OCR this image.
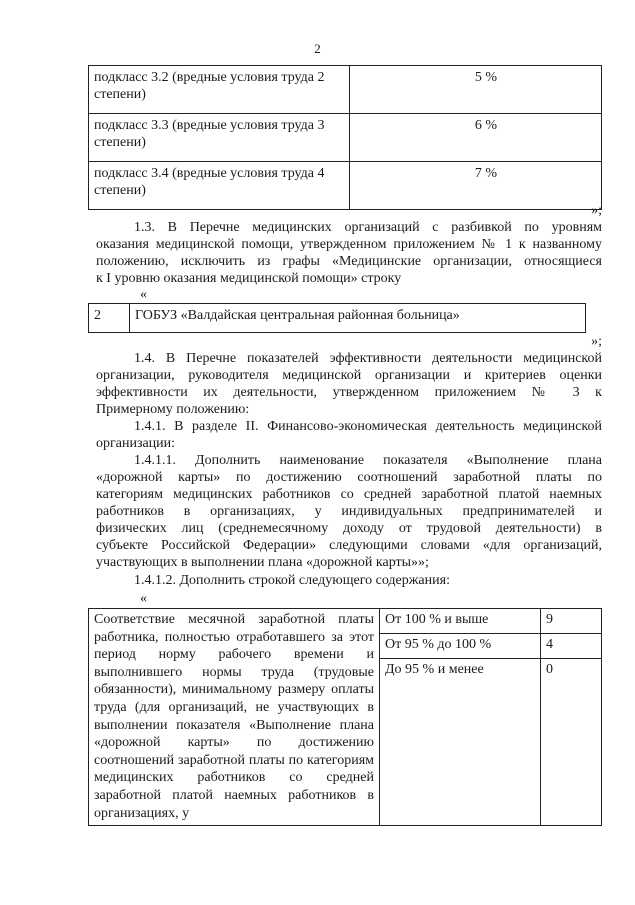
2
подкласс 3.2 (вредные условия труда 2 степени)	5 %
подкласс 3.3 (вредные условия труда 3 степени)	6 %
подкласс 3.4 (вредные условия труда 4 степени)	7 %
»;
1.3. В Перечне медицинских организаций с разбивкой по уровням
оказания медицинской помощи, утвержденном приложением № 1 к названному
положению, исключить из графы «Медицинские организации, относящиеся
к I уровню оказания медицинской помощи» строку
«
2	ГОБУЗ «Валдайская центральная районная больница»
»;
1.4. В Перечне показателей эффективности деятельности медицинской
организации, руководителя медицинской организации и критериев оценки
эффективности их деятельности, утвержденном приложением № 3 к
Примерному положению:
1.4.1. В разделе II. Финансово-экономическая деятельность медицинской
организации:
1.4.1.1. Дополнить наименование показателя «Выполнение плана
«дорожной карты» по достижению соотношений заработной платы по
категориям медицинских работников со средней заработной платой наемных
работников в организациях, у индивидуальных предпринимателей и
физических лиц (среднемесячному доходу от трудовой деятельности) в
субъекте Российской Федерации» следующими словами «для организаций,
участвующих в выполнении плана «дорожной карты»»;
1.4.1.2. Дополнить строкой следующего содержания:
«
Соответствие месячной заработной платы работника, полностью отработавшего за этот период норму рабочего времени и выполнившего нормы труда (трудовые обязанности), минимальному размеру оплаты труда (для организаций, не участвующих в выполнении показателя «Выполнение плана «дорожной карты» по достижению соотношений заработной платы по категориям медицинских работников со средней заработной платой наемных работников в организациях, у	От 100 % и выше	9
	От 95 % до 100 %	4
	До 95 % и менее	0
